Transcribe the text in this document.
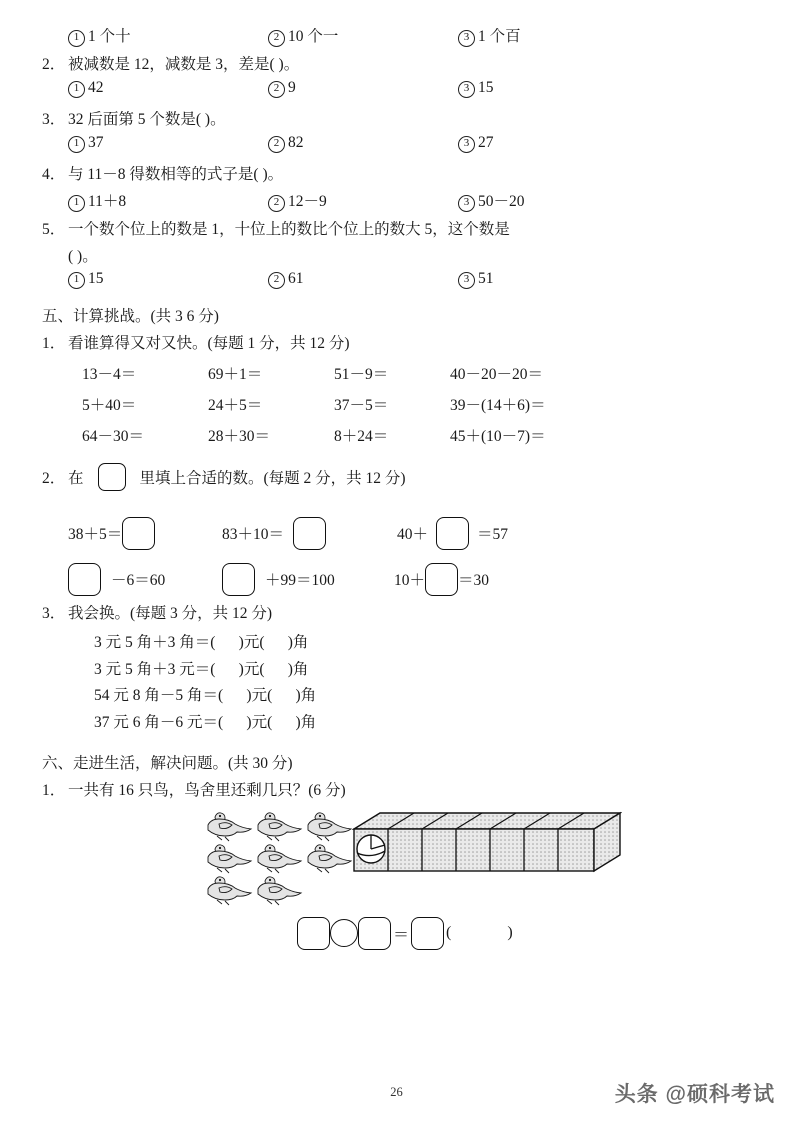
1 1 个十	2 10 个一	3 1 个百
2． 被减数是 12，减数是 3，差是( )。
1 42	2 9	3 15
3． 32 后面第 5 个数是( )。
1 37	2 82	3 27
4． 与 11－8 得数相等的式子是( )。
1 11＋8	2 12－9	3 50－20
5． 一个数个位上的数是 1，十位上的数比个位上的数大 5，这个数是
( )。
1 15	2 61	3 51
五、计算挑战。(共 3 6 分)
1． 看谁算得又对又快。(每题 1 分，共 12 分)
13－4＝	69＋1＝	51－9＝	40－20－20＝
5＋40＝	24＋5＝	37－5＝	39－(14＋6)＝
64－30＝	28＋30＝	8＋24＝	45＋(10－7)＝
2． 在	里填上合适的数。(每题 2 分，共 12 分)
38＋5＝	83＋10＝	40＋	＝57
－6＝60	＋99＝100	10＋ ＝30
3． 我会换。(每题 3 分，共 12 分)
3 元 5 角＋3 角＝(      )元(      )角
3 元 5 角＋3 元＝(      )元(      )角
54 元 8 角－5 角＝(      )元(      )角
37 元 6 角－6 元＝(      )元(      )角
六、走进生活，解决问题。(共 30 分)
1． 一共有 16 只鸟，鸟舍里还剩几只？(6 分)
＝ ( )
26	头条 @硕科考试
